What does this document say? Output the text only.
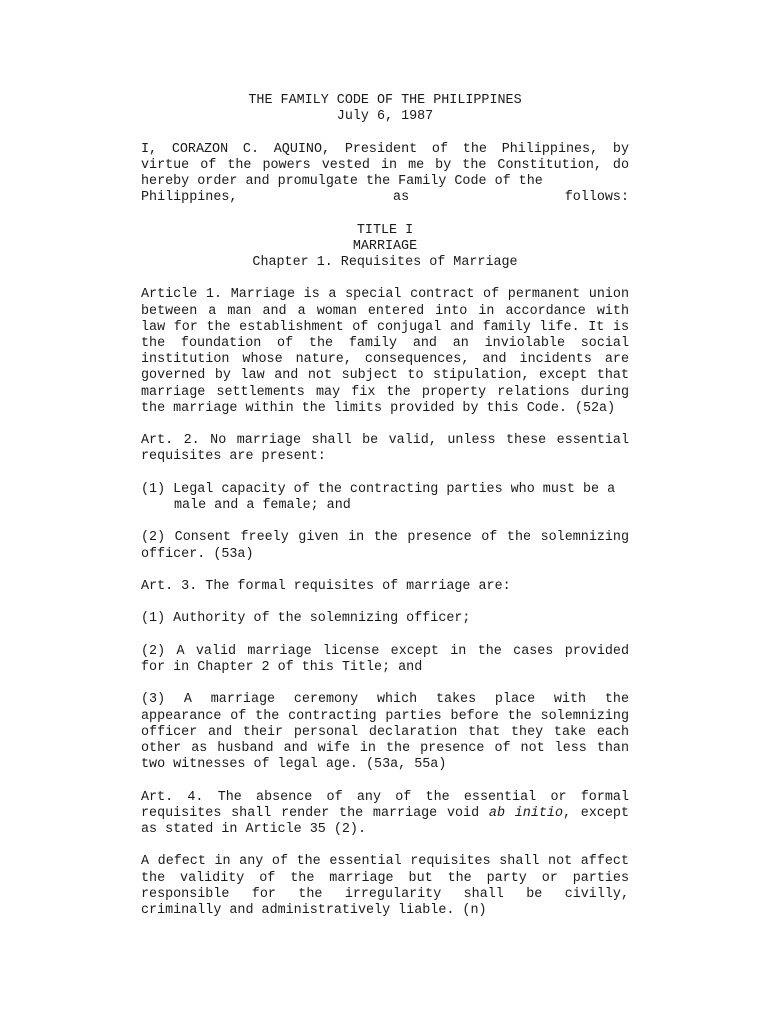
THE FAMILY CODE OF THE PHILIPPINES

July 6, 1987

I, CORAZON C. AQUINO, President of the Philippines, by virtue of the powers vested in me by the Constitution, do hereby order and promulgate the Family Code of the

Philippines, as follows:

TITLE I

MARRIAGE

Chapter 1. Requisites of Marriage

Article 1. Marriage is a special contract of permanent union between a man and a woman entered into in accordance with law for the establishment of conjugal and family life. It is the foundation of the family and an inviolable social institution whose nature, consequences, and incidents are governed by law and not subject to stipulation, except that marriage settlements may fix the property relations during the marriage within the limits provided by this Code. (52a)

Art. 2. No marriage shall be valid, unless these essential requisites are present:

(1) Legal capacity of the contracting parties who must be a male and a female; and

(2) Consent freely given in the presence of the solemnizing officer. (53a)

Art. 3. The formal requisites of marriage are:

(1) Authority of the solemnizing officer;

(2) A valid marriage license except in the cases provided for in Chapter 2 of this Title; and

(3) A marriage ceremony which takes place with the appearance of the contracting parties before the solemnizing officer and their personal declaration that they take each other as husband and wife in the presence of not less than two witnesses of legal age. (53a, 55a)

Art. 4. The absence of any of the essential or formal requisites shall render the marriage void ab initio, except as stated in Article 35 (2).

A defect in any of the essential requisites shall not affect the validity of the marriage but the party or parties responsible for the irregularity shall be civilly, criminally and administratively liable. (n)
